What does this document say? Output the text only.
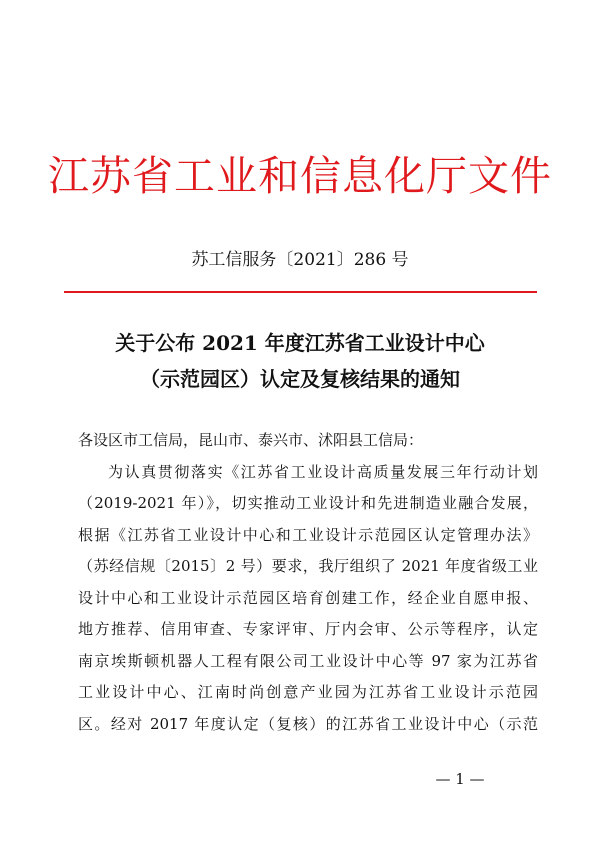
江苏省工业和信息化厅文件
苏工信服务〔2021〕286 号
关于公布 2021 年度江苏省工业设计中心
（示范园区）认定及复核结果的通知
各设区市工信局，昆山市、泰兴市、沭阳县工信局：
为认真贯彻落实《江苏省工业设计高质量发展三年行动计划
（2019-2021 年）》，切实推动工业设计和先进制造业融合发展，
根据《江苏省工业设计中心和工业设计示范园区认定管理办法》
（苏经信规〔2015〕2 号）要求，我厅组织了 2021 年度省级工业
设计中心和工业设计示范园区培育创建工作，经企业自愿申报、
地方推荐、信用审查、专家评审、厅内会审、公示等程序，认定
南京埃斯顿机器人工程有限公司工业设计中心等 97 家为江苏省
工业设计中心、江南时尚创意产业园为江苏省工业设计示范园
区。经对 2017 年度认定（复核）的江苏省工业设计中心（示范
— 1 —
